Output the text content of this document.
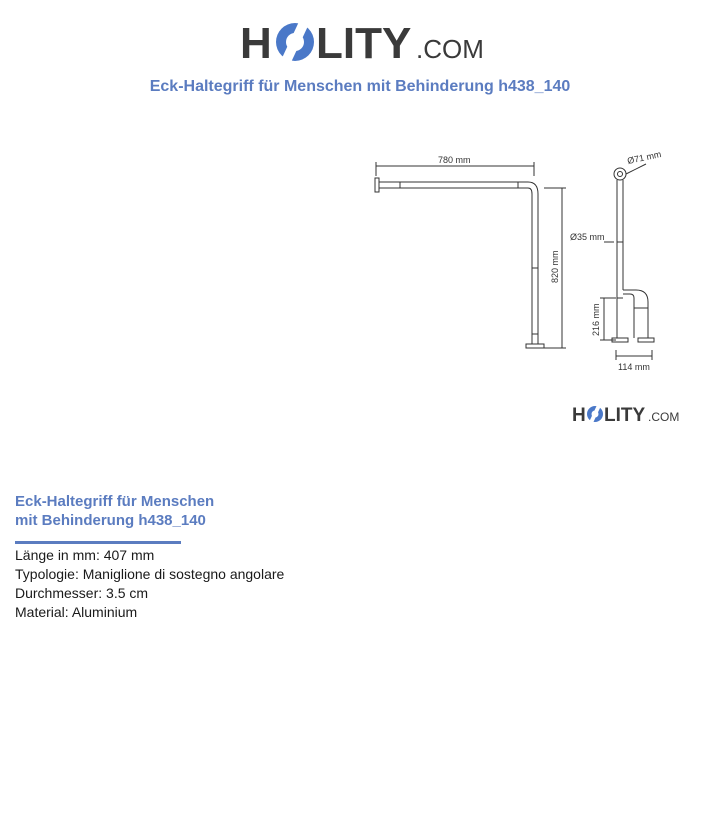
H LITY .COM
Eck-Haltegriff für Menschen mit Behinderung h438_140
780 mm
820 mm
Ø71 mm
Ø35 mm
216 mm
114 mm
H LITY .COM
Eck-Haltegriff für Menschen
mit Behinderung h438_140
Länge in mm: 407 mm
Typologie: Maniglione di sostegno angolare
Durchmesser: 3.5 cm
Material: Aluminium
